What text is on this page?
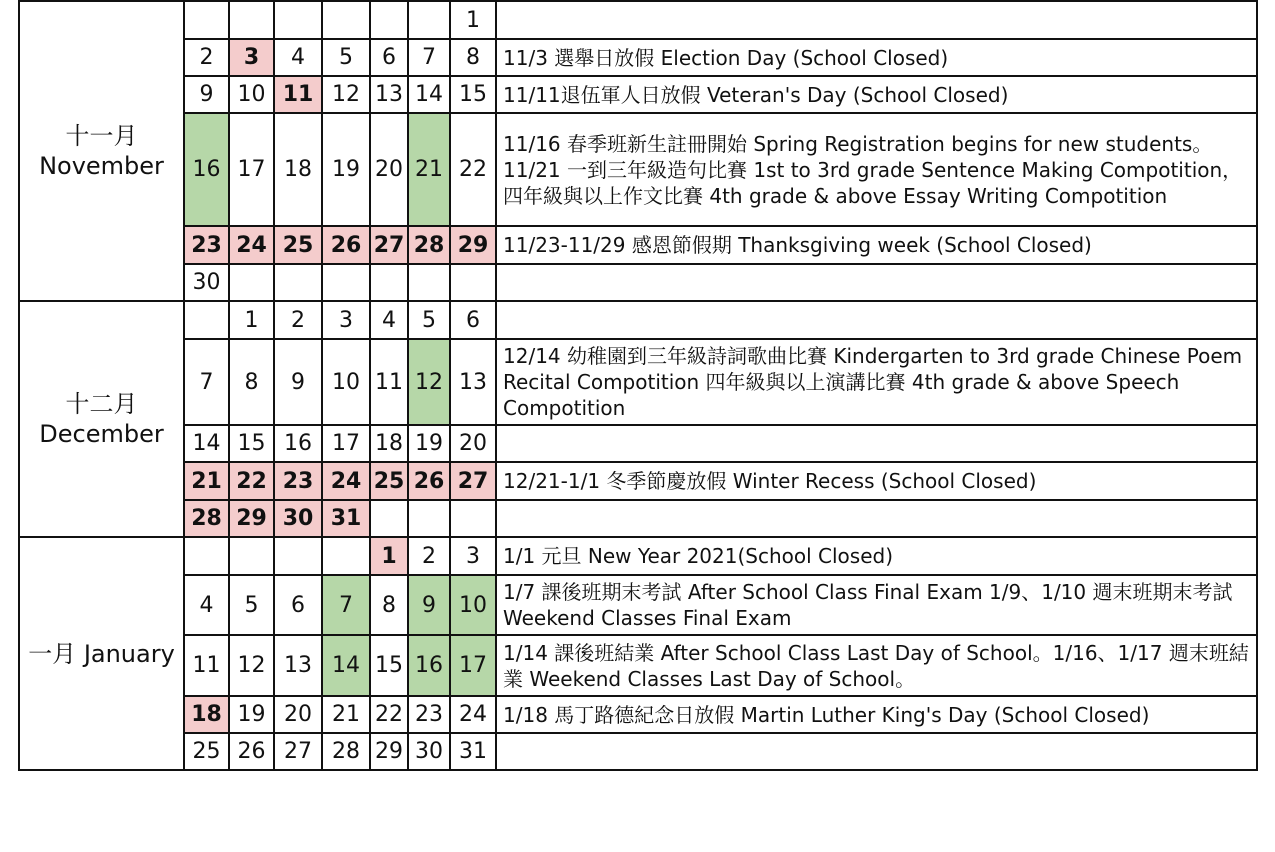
十一月
November							1	
	2	3	4	5	6	7	8	11/3 選舉日放假 Election Day (School Closed)
	9	10	11	12	13	14	15	11/11退伍軍人日放假 Veteran's Day (School Closed)
	16	17	18	19	20	21	22	11/16 春季班新生註冊開始 Spring Registration begins for new students。11/21 一到三年級造句比賽 1st to 3rd grade Sentence Making Compotition，四年級與以上作文比賽 4th grade & above Essay Writing Compotition
	23	24	25	26	27	28	29	11/23-11/29 感恩節假期 Thanksgiving week (School Closed)
	30							

十二月
December		1	2	3	4	5	6	
	7	8	9	10	11	12	13	12/14 幼稚園到三年級詩詞歌曲比賽 Kindergarten to 3rd grade Chinese Poem Recital Compotition 四年級與以上演講比賽 4th grade & above Speech Compotition
	14	15	16	17	18	19	20	
	21	22	23	24	25	26	27	12/21-1/1 冬季節慶放假 Winter Recess (School Closed)
	28	29	30	31				

一月 January					1	2	3	1/1 元旦 New Year 2021(School Closed)
	4	5	6	7	8	9	10	1/7 課後班期末考試 After School Class Final Exam 1/9、1/10 週末班期末考試 Weekend Classes Final Exam
	11	12	13	14	15	16	17	1/14 課後班結業 After School Class Last Day of School。1/16、1/17 週末班結業 Weekend Classes Last Day of School。
	18	19	20	21	22	23	24	1/18 馬丁路德紀念日放假 Martin Luther King's Day (School Closed)
	25	26	27	28	29	30	31	
